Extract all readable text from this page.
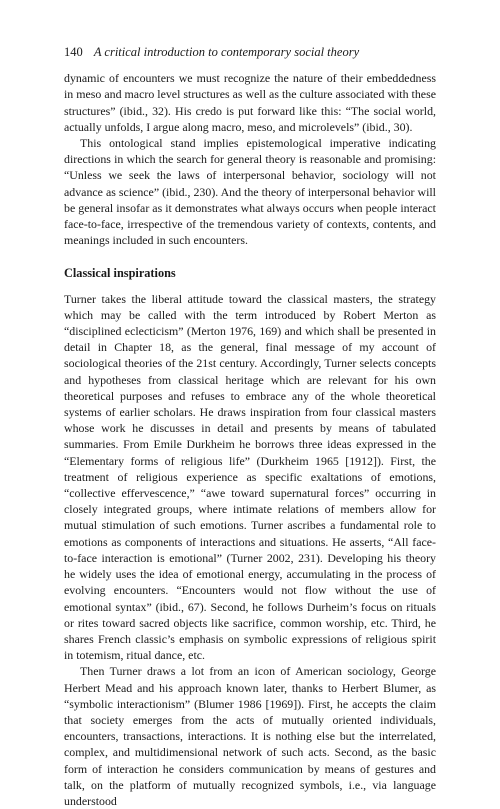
140 A critical introduction to contemporary social theory

dynamic of encounters we must recognize the nature of their embeddedness in meso and macro level structures as well as the culture associated with these structures” (ibid., 32). His credo is put forward like this: “The social world, actually unfolds, I argue along macro, meso, and microlevels” (ibid., 30).

This ontological stand implies epistemological imperative indicating directions in which the search for general theory is reasonable and promising: “Unless we seek the laws of interpersonal behavior, sociology will not advance as science” (ibid., 230). And the theory of interpersonal behavior will be general insofar as it demonstrates what always occurs when people interact face-to-face, irrespective of the tremendous variety of contexts, contents, and meanings included in such encounters.

Classical inspirations

Turner takes the liberal attitude toward the classical masters, the strategy which may be called with the term introduced by Robert Merton as “disciplined eclecticism” (Merton 1976, 169) and which shall be presented in detail in Chapter 18, as the general, final message of my account of sociological theories of the 21st century. Accordingly, Turner selects concepts and hypotheses from classical heritage which are relevant for his own theoretical purposes and refuses to embrace any of the whole theoretical systems of earlier scholars. He draws inspiration from four classical masters whose work he discusses in detail and presents by means of tabulated summaries. From Emile Durkheim he borrows three ideas expressed in the “Elementary forms of religious life” (Durkheim 1965 [1912]). First, the treatment of religious experience as specific exaltations of emotions, “collective effervescence,” “awe toward supernatural forces” occurring in closely integrated groups, where intimate relations of members allow for mutual stimulation of such emotions. Turner ascribes a fundamental role to emotions as components of interactions and situations. He asserts, “All face-to-face interaction is emotional” (Turner 2002, 231). Developing his theory he widely uses the idea of emotional energy, accumulating in the process of evolving encounters. “Encounters would not flow without the use of emotional syntax” (ibid., 67). Second, he follows Durheim’s focus on rituals or rites toward sacred objects like sacrifice, common worship, etc. Third, he shares French classic’s emphasis on symbolic expressions of religious spirit in totemism, ritual dance, etc.

Then Turner draws a lot from an icon of American sociology, George Herbert Mead and his approach known later, thanks to Herbert Blumer, as “symbolic interactionism” (Blumer 1986 [1969]). First, he accepts the claim that society emerges from the acts of mutually oriented individuals, encounters, transactions, interactions. It is nothing else but the interrelated, complex, and multidimensional network of such acts. Second, as the basic form of interaction he considers communication by means of gestures and talk, on the platform of mutually recognized symbols, i.e., via language understood
